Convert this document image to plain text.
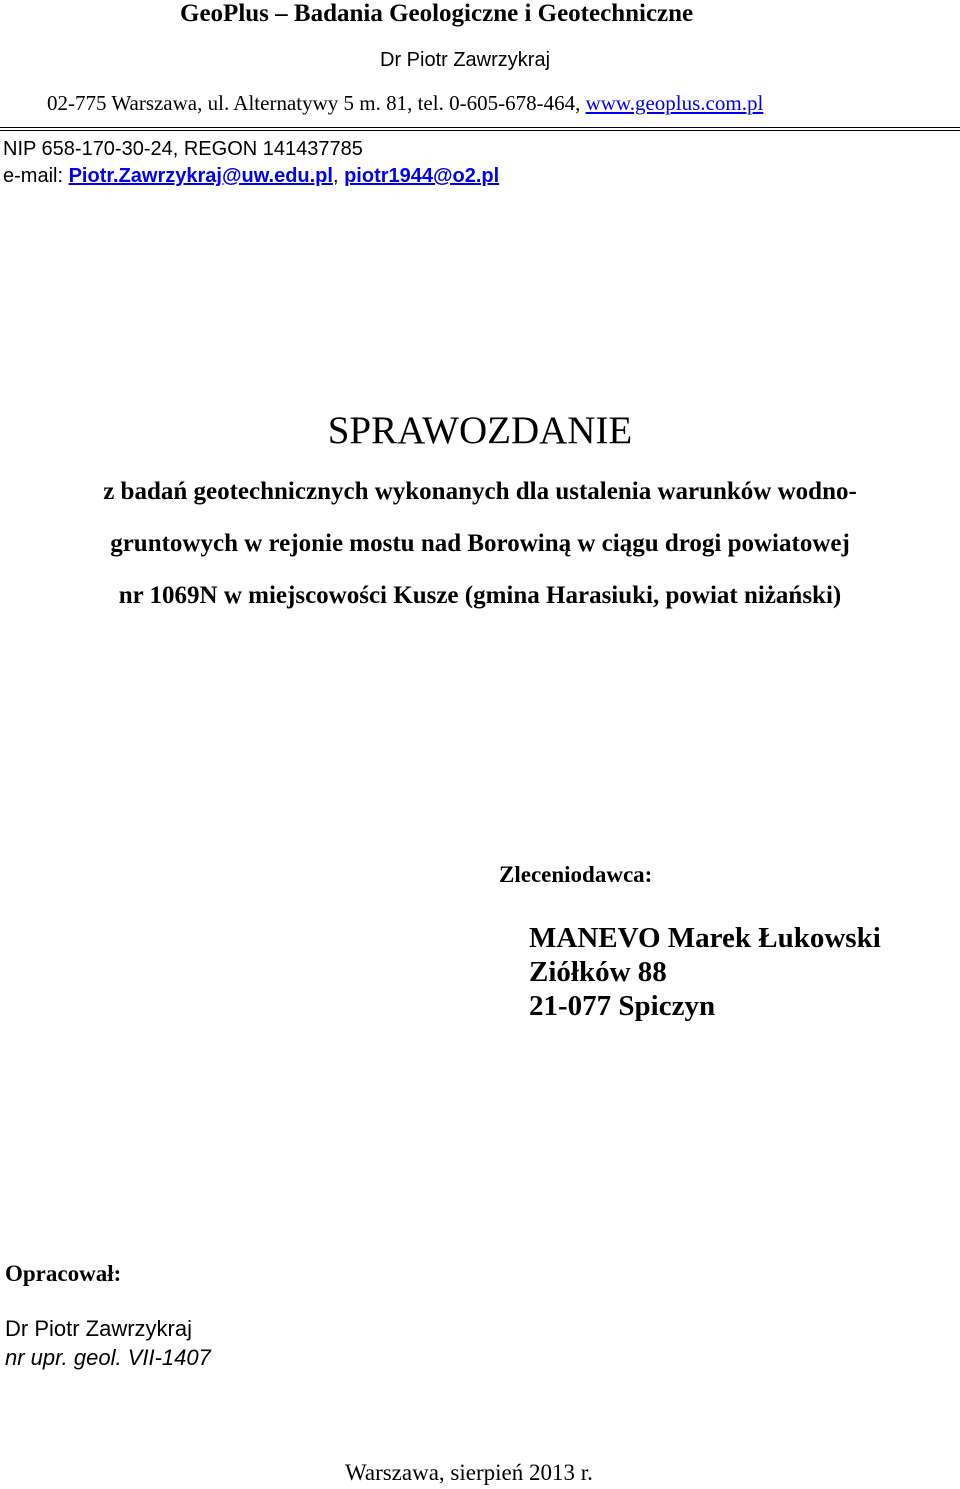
GeoPlus – Badania Geologiczne i Geotechniczne
Dr Piotr Zawrzykraj
02-775 Warszawa, ul. Alternatywy 5 m. 81, tel. 0-605-678-464, www.geoplus.com.pl
NIP 658-170-30-24, REGON 141437785
e-mail: Piotr.Zawrzykraj@uw.edu.pl, piotr1944@o2.pl
SPRAWOZDANIE
z badań geotechnicznych wykonanych dla ustalenia warunków wodno-
gruntowych w rejonie mostu nad Borowiną w ciągu drogi powiatowej
nr 1069N w miejscowości Kusze (gmina Harasiuki, powiat niżański)
Zleceniodawca:
MANEVO Marek Łukowski
Ziółków 88
21-077 Spiczyn
Opracował:
Dr Piotr Zawrzykraj
nr upr. geol. VII-1407
Warszawa, sierpień 2013 r.
